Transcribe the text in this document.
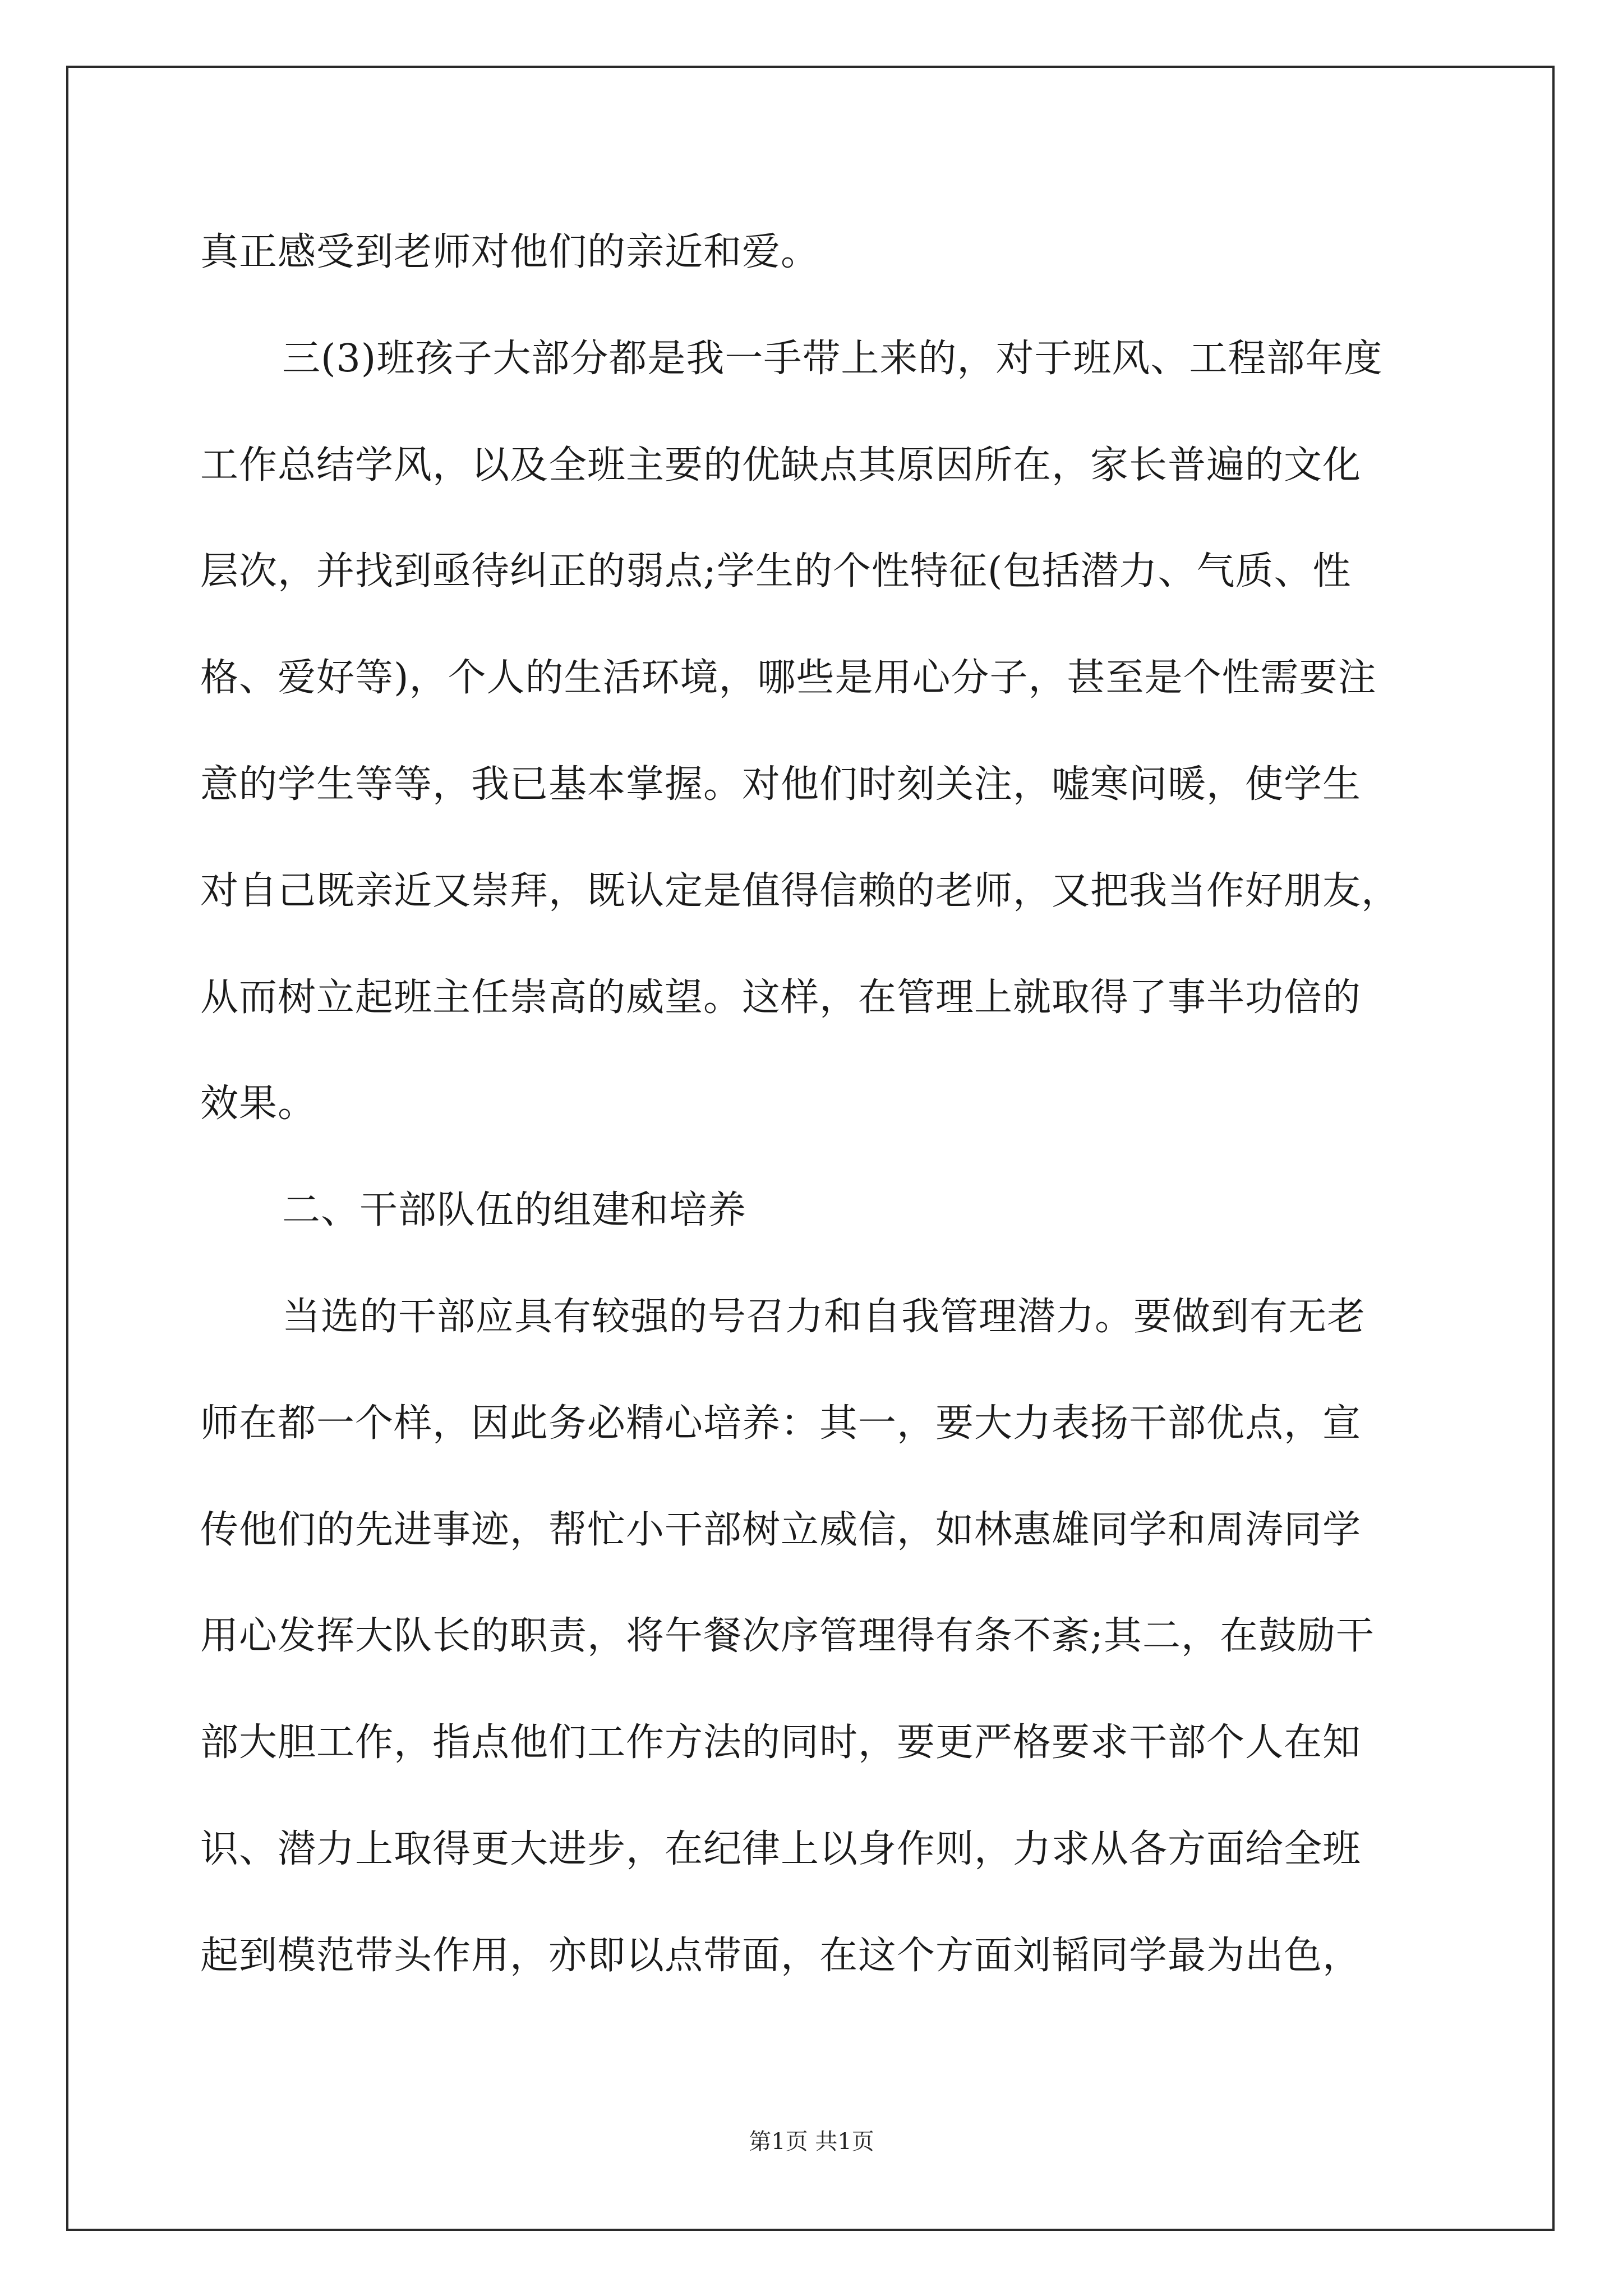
真正感受到老师对他们的亲近和爱。

三(3)班孩子大部分都是我一手带上来的，对于班风、工程部年度

工作总结学风，以及全班主要的优缺点其原因所在，家长普遍的文化

层次，并找到亟待纠正的弱点;学生的个性特征(包括潜力、气质、性

格、爱好等)，个人的生活环境，哪些是用心分子，甚至是个性需要注

意的学生等等，我已基本掌握。对他们时刻关注，嘘寒问暖，使学生

对自己既亲近又崇拜，既认定是值得信赖的老师，又把我当作好朋友，

从而树立起班主任崇高的威望。这样，在管理上就取得了事半功倍的

效果。

二、干部队伍的组建和培养

当选的干部应具有较强的号召力和自我管理潜力。要做到有无老

师在都一个样，因此务必精心培养：其一，要大力表扬干部优点，宣

传他们的先进事迹，帮忙小干部树立威信，如林惠雄同学和周涛同学

用心发挥大队长的职责，将午餐次序管理得有条不紊;其二，在鼓励干

部大胆工作，指点他们工作方法的同时，要更严格要求干部个人在知

识、潜力上取得更大进步，在纪律上以身作则，力求从各方面给全班

起到模范带头作用，亦即以点带面，在这个方面刘韬同学最为出色，

第1页 共1页
